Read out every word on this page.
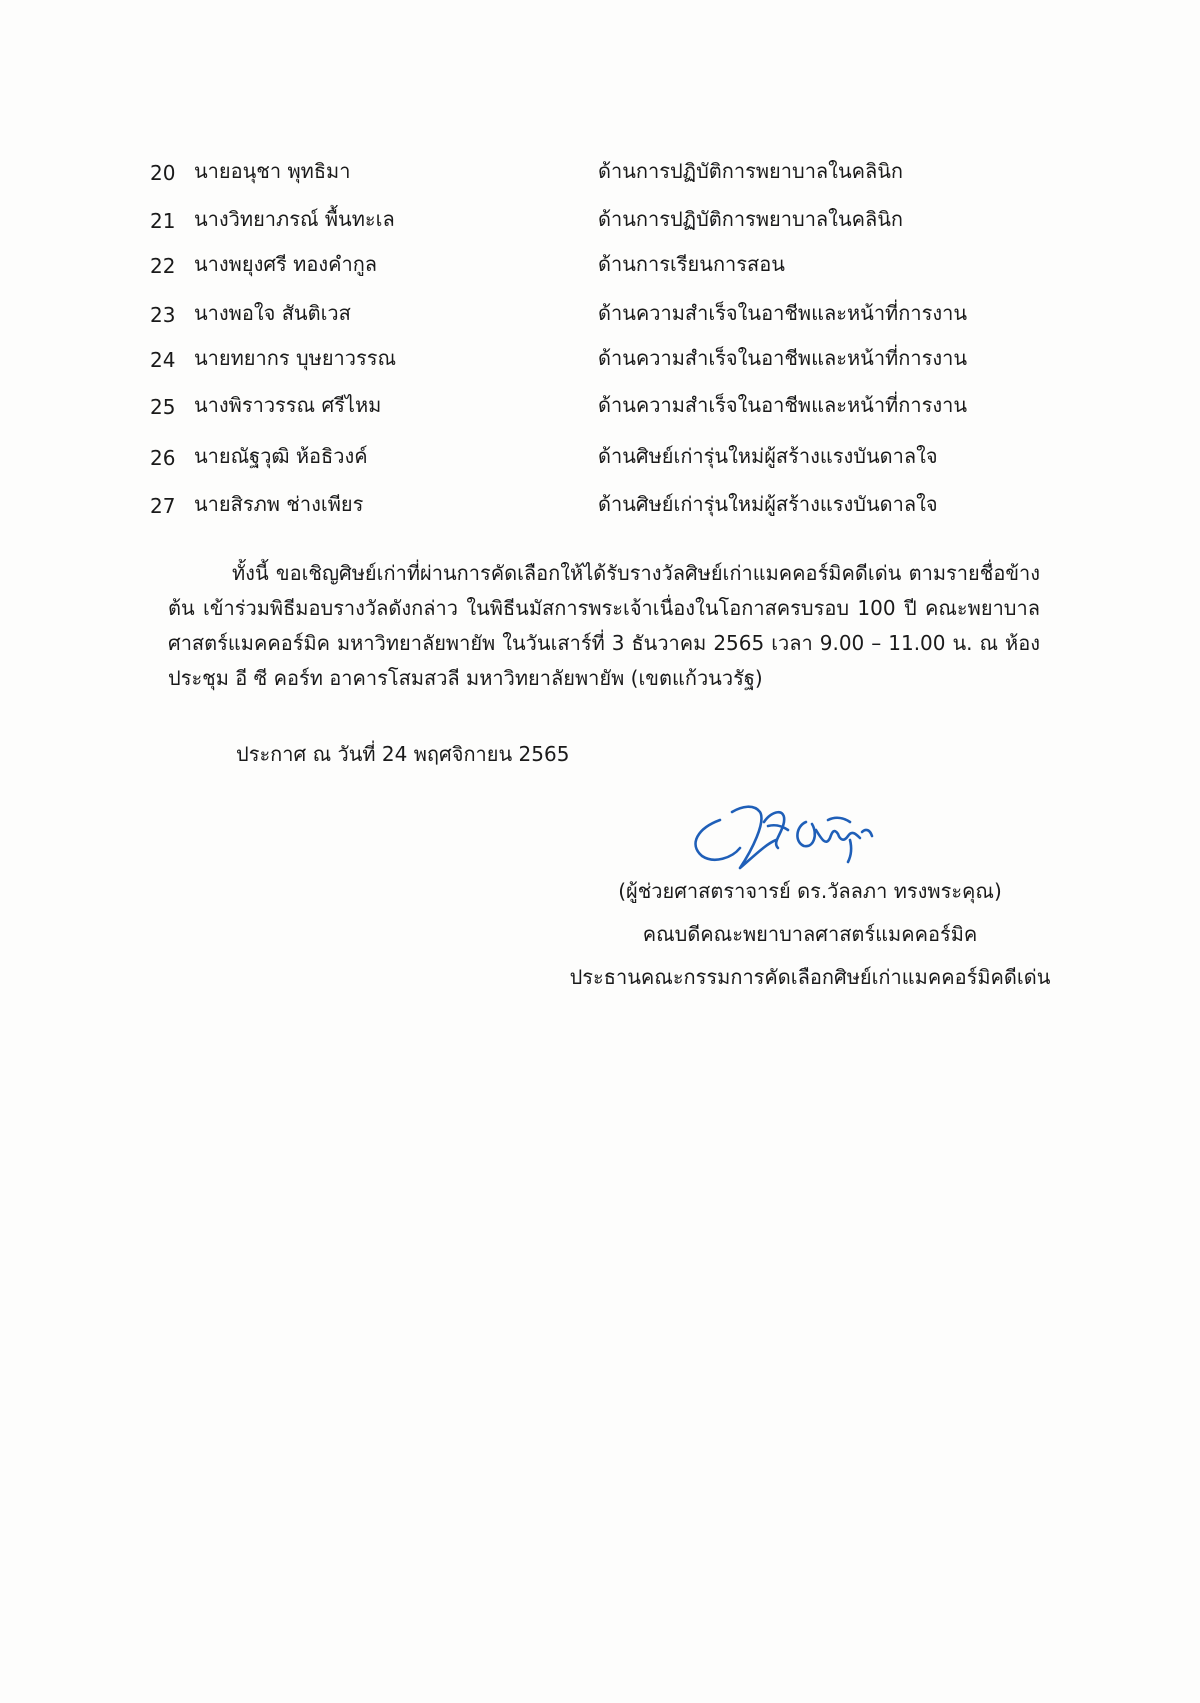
20 นายอนุชา พุทธิมา	ด้านการปฏิบัติการพยาบาลในคลินิก
21 นางวิทยาภรณ์ พื้นทะเล	ด้านการปฏิบัติการพยาบาลในคลินิก
22 นางพยุงศรี ทองคำกูล	ด้านการเรียนการสอน
23 นางพอใจ สันติเวส	ด้านความสำเร็จในอาชีพและหน้าที่การงาน
24 นายทยากร บุษยาวรรณ	ด้านความสำเร็จในอาชีพและหน้าที่การงาน
25 นางพิราวรรณ ศรีไหม	ด้านความสำเร็จในอาชีพและหน้าที่การงาน
26 นายณัฐวุฒิ ห้อธิวงค์	ด้านศิษย์เก่ารุ่นใหม่ผู้สร้างแรงบันดาลใจ
27 นายสิรภพ ช่างเพียร	ด้านศิษย์เก่ารุ่นใหม่ผู้สร้างแรงบันดาลใจ

ทั้งนี้ ขอเชิญศิษย์เก่าที่ผ่านการคัดเลือกให้ได้รับรางวัลศิษย์เก่าแมคคอร์มิคดีเด่น ตามรายชื่อข้างต้น เข้าร่วมพิธีมอบรางวัลดังกล่าว ในพิธีนมัสการพระเจ้าเนื่องในโอกาสครบรอบ 100 ปี คณะพยาบาลศาสตร์แมคคอร์มิค มหาวิทยาลัยพายัพ ในวันเสาร์ที่ 3 ธันวาคม 2565 เวลา 9.00 – 11.00 น. ณ ห้องประชุม อี ซี คอร์ท อาคารโสมสวลี มหาวิทยาลัยพายัพ (เขตแก้วนวรัฐ)

ประกาศ ณ วันที่ 24 พฤศจิกายน 2565
(ผู้ช่วยศาสตราจารย์ ดร.วัลลภา ทรงพระคุณ)
คณบดีคณะพยาบาลศาสตร์แมคคอร์มิค
ประธานคณะกรรมการคัดเลือกศิษย์เก่าแมคคอร์มิคดีเด่น
